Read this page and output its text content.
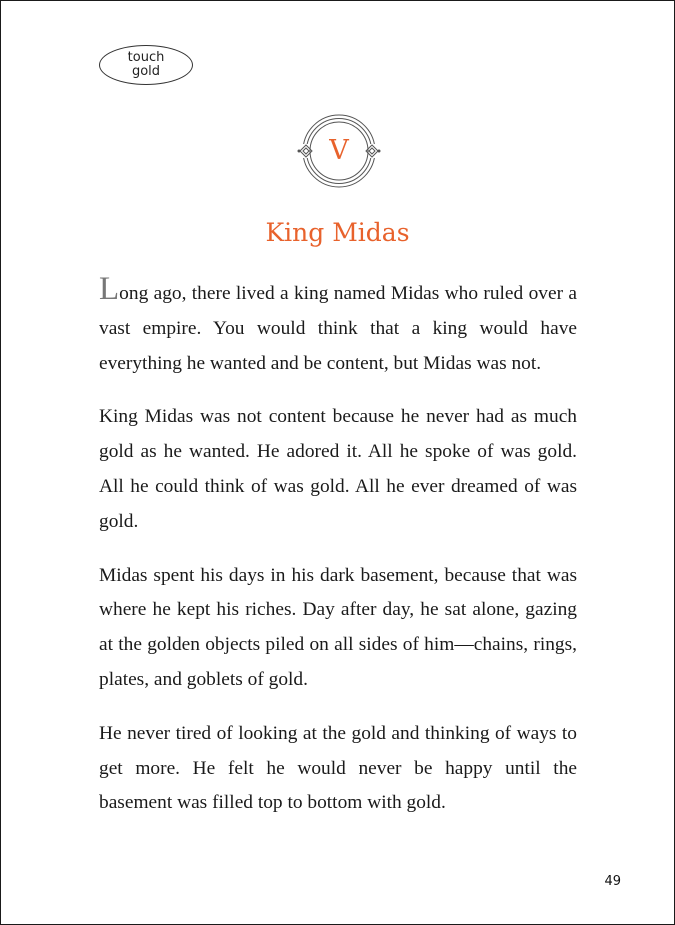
touch
gold
V
King Midas

Long ago, there lived a king named Midas who ruled over a vast empire. You would think that a king would have everything he wanted and be content, but Midas was not.

King Midas was not content because he never had as much gold as he wanted. He adored it. All he spoke of was gold. All he could think of was gold. All he ever dreamed of was gold.

Midas spent his days in his dark basement, because that was where he kept his riches. Day after day, he sat alone, gazing at the golden objects piled on all sides of him—chains, rings, plates, and goblets of gold.

He never tired of looking at the gold and thinking of ways to get more. He felt he would never be happy until the basement was filled top to bottom with gold.

49
